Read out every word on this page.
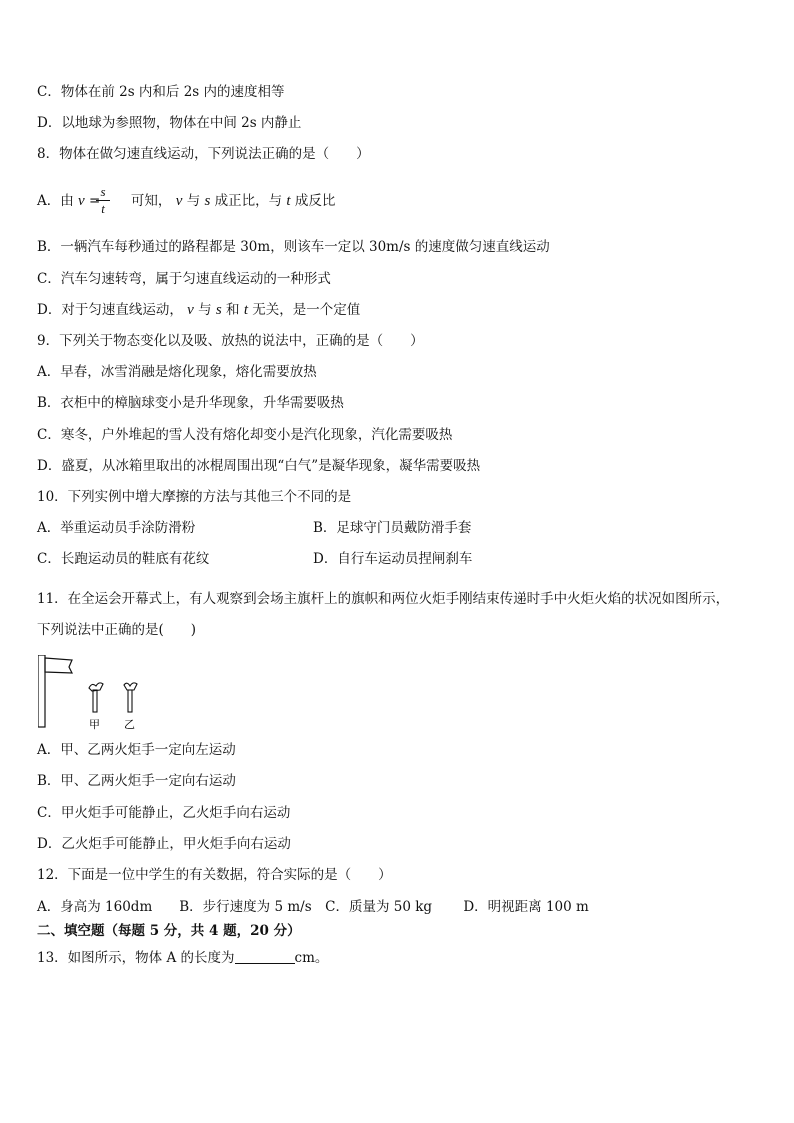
C．物体在前 2s 内和后 2s 内的速度相等
D．以地球为参照物，物体在中间 2s 内静止
8．物体在做匀速直线运动，下列说法正确的是（　　）
A．由 v = 可知， v 与 s 成正比，与 t 成反比
s
t
B．一辆汽车每秒通过的路程都是 30m，则该车一定以 30m/s 的速度做匀速直线运动
C．汽车匀速转弯，属于匀速直线运动的一种形式
D．对于匀速直线运动， v 与 s 和 t 无关，是一个定值
9．下列关于物态变化以及吸、放热的说法中，正确的是（　　）
A．早春，冰雪消融是熔化现象，熔化需要放热
B．衣柜中的樟脑球变小是升华现象，升华需要吸热
C．寒冬，户外堆起的雪人没有熔化却变小是汽化现象，汽化需要吸热
D．盛夏，从冰箱里取出的冰棍周围出现“白气”是凝华现象，凝华需要吸热
10．下列实例中增大摩擦的方法与其他三个不同的是
A．举重运动员手涂防滑粉	B．足球守门员戴防滑手套
C．长跑运动员的鞋底有花纹	D．自行车运动员捏闸刹车
11．在全运会开幕式上，有人观察到会场主旗杆上的旗帜和两位火炬手刚结束传递时手中火炬火焰的状况如图所示，
下列说法中正确的是(　　)
甲 乙
A．甲、乙两火炬手一定向左运动
B．甲、乙两火炬手一定向右运动
C．甲火炬手可能静止，乙火炬手向右运动
D．乙火炬手可能静止，甲火炬手向右运动
12．下面是一位中学生的有关数据，符合实际的是（　　）
A．身高为 160dm　　B．步行速度为 5 m/s　C．质量为 50 kg　　 D．明视距离 100 m
二、填空题（每题 5 分，共 4 题，20 分）
13．如图所示，物体 A 的长度为	cm。
